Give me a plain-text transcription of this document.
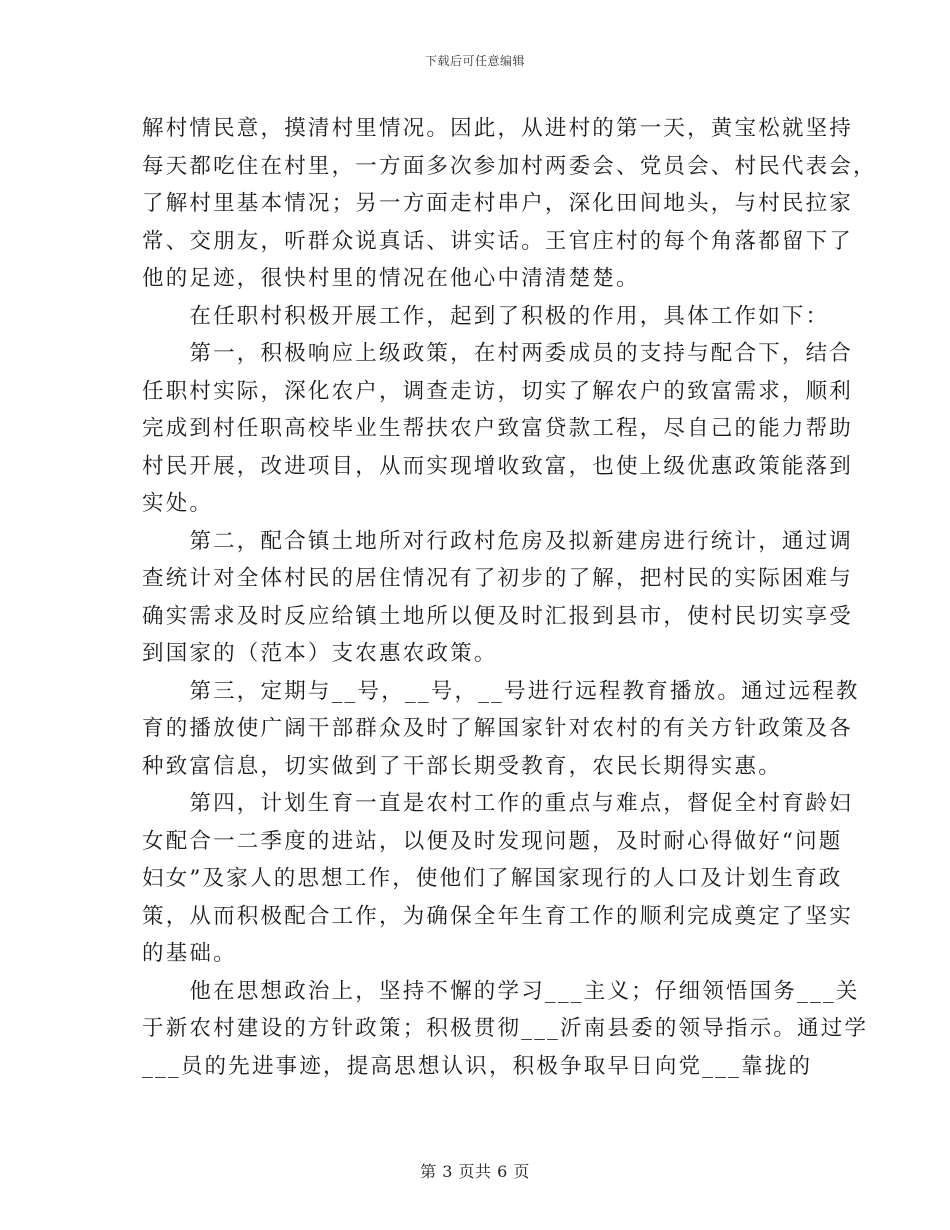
下载后可任意编辑
解村情民意，摸清村里情况。因此，从进村的第一天，黄宝松就坚持
每天都吃住在村里，一方面多次参加村两委会、党员会、村民代表会，
了解村里基本情况；另一方面走村串户，深化田间地头，与村民拉家
常、交朋友，听群众说真话、讲实话。王官庄村的每个角落都留下了
他的足迹，很快村里的情况在他心中清清楚楚。
　　在任职村积极开展工作，起到了积极的作用，具体工作如下：
　　第一，积极响应上级政策，在村两委成员的支持与配合下，结合
任职村实际，深化农户，调查走访，切实了解农户的致富需求，顺利
完成到村任职高校毕业生帮扶农户致富贷款工程，尽自己的能力帮助
村民开展，改进项目，从而实现增收致富，也使上级优惠政策能落到
实处。
　　第二，配合镇土地所对行政村危房及拟新建房进行统计，通过调
查统计对全体村民的居住情况有了初步的了解，把村民的实际困难与
确实需求及时反应给镇土地所以便及时汇报到县市，使村民切实享受
到国家的（范本）支农惠农政策。
　　第三，定期与__号，__号，__号进行远程教育播放。通过远程教
育的播放使广阔干部群众及时了解国家针对农村的有关方针政策及各
种致富信息，切实做到了干部长期受教育，农民长期得实惠。
　　第四，计划生育一直是农村工作的重点与难点，督促全村育龄妇
女配合一二季度的进站，以便及时发现问题，及时耐心得做好“问题
妇女”及家人的思想工作，使他们了解国家现行的人口及计划生育政
策，从而积极配合工作，为确保全年生育工作的顺利完成奠定了坚实
的基础。
　　他在思想政治上，坚持不懈的学习___主义；仔细领悟国务___关
于新农村建设的方针政策；积极贯彻___沂南县委的领导指示。通过学
___员的先进事迹，提高思想认识，积极争取早日向党___靠拢的
第 3 页共 6 页
